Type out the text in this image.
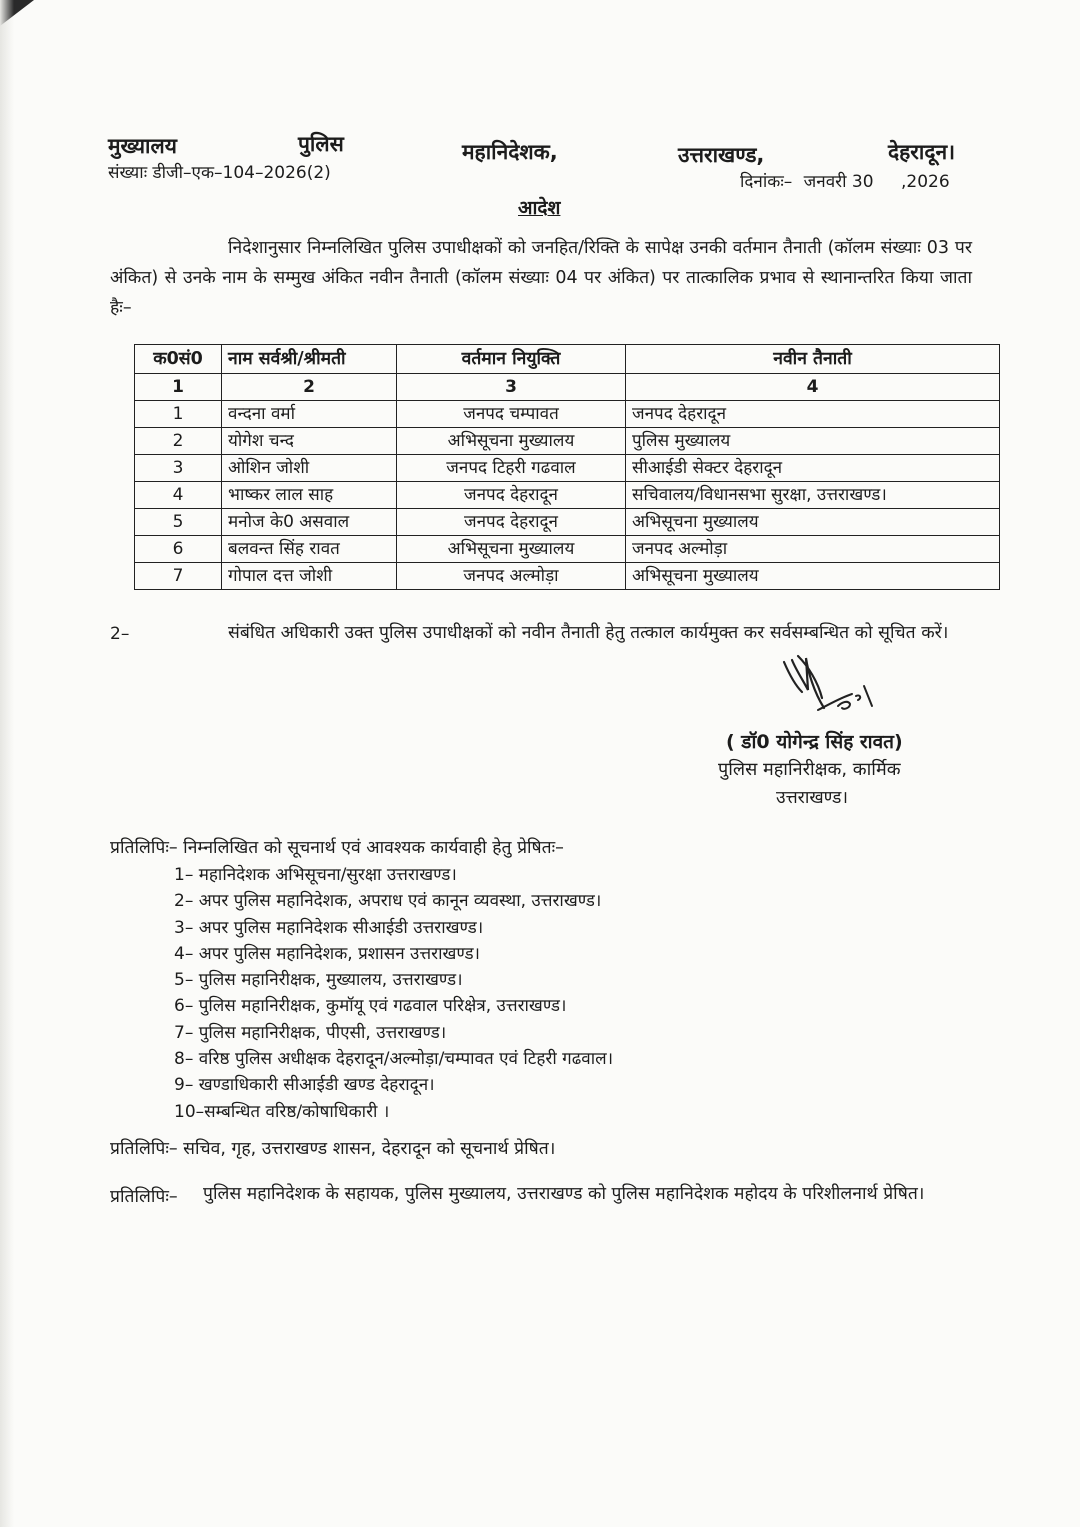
मुख्यालय	पुलिस	महानिदेशक,	उत्तराखण्ड,	देहरादून।
संख्याः डीजी–एक–104–2026(2)	दिनांकः– जनवरी 30 ,2026
आदेश
निदेशानुसार निम्नलिखित पुलिस उपाधीक्षकों को जनहित/रिक्ति के सापेक्ष उनकी वर्तमान तैनाती (कॉलम संख्याः 03 पर अंकित) से उनके नाम के सम्मुख अंकित नवीन तैनाती (कॉलम संख्याः 04 पर अंकित) पर तात्कालिक प्रभाव से स्थानान्तरित किया जाता हैः–
क0सं0	नाम सर्वश्री/श्रीमती	वर्तमान नियुक्ति	नवीन तैनाती
1	2	3	4
1	वन्दना वर्मा	जनपद चम्पावत	जनपद देहरादून
2	योगेश चन्द	अभिसूचना मुख्यालय	पुलिस मुख्यालय
3	ओशिन जोशी	जनपद टिहरी गढवाल	सीआईडी सेक्टर देहरादून
4	भाष्कर लाल साह	जनपद देहरादून	सचिवालय/विधानसभा सुरक्षा, उत्तराखण्ड।
5	मनोज के0 असवाल	जनपद देहरादून	अभिसूचना मुख्यालय
6	बलवन्त सिंह रावत	अभिसूचना मुख्यालय	जनपद अल्मोड़ा
7	गोपाल दत्त जोशी	जनपद अल्मोड़ा	अभिसूचना मुख्यालय
2–	संबंधित अधिकारी उक्त पुलिस उपाधीक्षकों को नवीन तैनाती हेतु तत्काल कार्यमुक्त कर सर्वसम्बन्धित को सूचित करें।
( डॉ0 योगेन्द्र सिंह रावत)
पुलिस महानिरीक्षक, कार्मिक
उत्तराखण्ड।
प्रतिलिपिः– निम्नलिखित को सूचनार्थ एवं आवश्यक कार्यवाही हेतु प्रेषितः–
1– महानिदेशक अभिसूचना/सुरक्षा उत्तराखण्ड।
2– अपर पुलिस महानिदेशक, अपराध एवं कानून व्यवस्था, उत्तराखण्ड।
3– अपर पुलिस महानिदेशक सीआईडी उत्तराखण्ड।
4– अपर पुलिस महानिदेशक, प्रशासन उत्तराखण्ड।
5– पुलिस महानिरीक्षक, मुख्यालय, उत्तराखण्ड।
6– पुलिस महानिरीक्षक, कुमॉयू एवं गढवाल परिक्षेत्र, उत्तराखण्ड।
7– पुलिस महानिरीक्षक, पीएसी, उत्तराखण्ड।
8– वरिष्ठ पुलिस अधीक्षक देहरादून/अल्मोड़ा/चम्पावत एवं टिहरी गढवाल।
9– खण्डाधिकारी सीआईडी खण्ड देहरादून।
10–सम्बन्धित वरिष्ठ/कोषाधिकारी ।
प्रतिलिपिः– सचिव, गृह, उत्तराखण्ड शासन, देहरादून को सूचनार्थ प्रेषित।
प्रतिलिपिः– पुलिस महानिदेशक के सहायक, पुलिस मुख्यालय, उत्तराखण्ड को पुलिस महानिदेशक महोदय के परिशीलनार्थ प्रेषित।
